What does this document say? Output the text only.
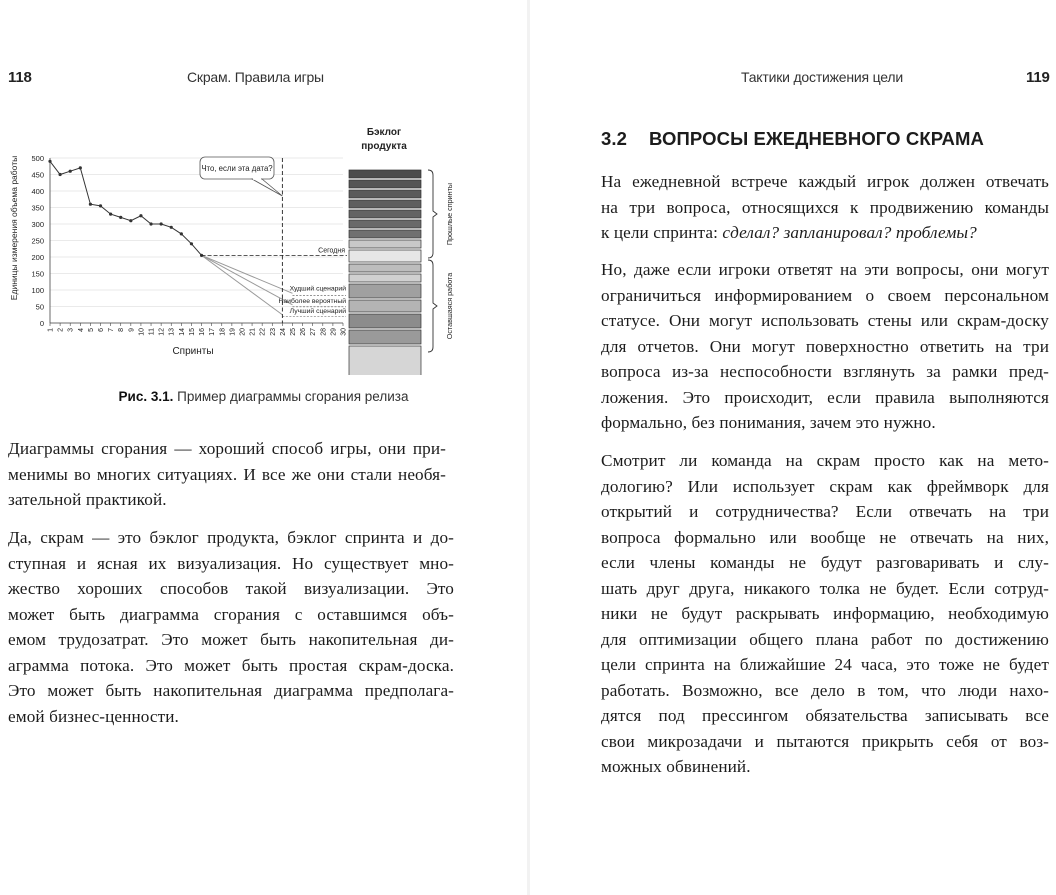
118	Скрам. Правила игры
500
450
400
350
300
250
200
150
100
50
0
1 2 3 4 5 6 7 8 9 10 11 12 13 14 15 16 17 18 19 20 21 22 23 24 25 26 27 28 29 30
Худший сценарий
Наиболее вероятный
Лучший сценарий
Сегодня
Что, если эта дата?
Прошлые спринты
Оставшаяся работа
Единицы измерения объема работы
Спринты
Бэклог
продукта
Рис. 3.1. Пример диаграммы сгорания релиза
Диаграммы сгорания — хороший способ игры, они при-
менимы во многих ситуациях. И все же они стали необя-
зательной практикой.
Да, скрам — это бэклог продукта, бэклог спринта и до-
ступная и ясная их визуализация. Но существует мно-
жество хороших способов такой визуализации. Это
может быть диаграмма сгорания с оставшимся объ-
емом трудозатрат. Это может быть накопительная ди-
аграмма потока. Это может быть простая скрам-доска.
Это может быть накопительная диаграмма предполага-
емой бизнес-ценности.
Тактики достижения цели	119
3.2 ВОПРОСЫ ЕЖЕДНЕВНОГО СКРАМА
На ежедневной встрече каждый игрок должен отвечать
на три вопроса, относящихся к продвижению команды
к цели спринта: сделал? запланировал? проблемы?
Но, даже если игроки ответят на эти вопросы, они могут
ограничиться информированием о своем персональном
статусе. Они могут использовать стены или скрам-доску
для отчетов. Они могут поверхностно ответить на три
вопроса из-за неспособности взглянуть за рамки пред-
ложения. Это происходит, если правила выполняются
формально, без понимания, зачем это нужно.
Смотрит ли команда на скрам просто как на мето-
дологию? Или использует скрам как фреймворк для
открытий и сотрудничества? Если отвечать на три
вопроса формально или вообще не отвечать на них,
если члены команды не будут разговаривать и слу-
шать друг друга, никакого толка не будет. Если сотруд-
ники не будут раскрывать информацию, необходимую
для оптимизации общего плана работ по достижению
цели спринта на ближайшие 24 часа, это тоже не будет
работать. Возможно, все дело в том, что люди нахо-
дятся под прессингом обязательства записывать все
свои микрозадачи и пытаются прикрыть себя от воз-
можных обвинений.
